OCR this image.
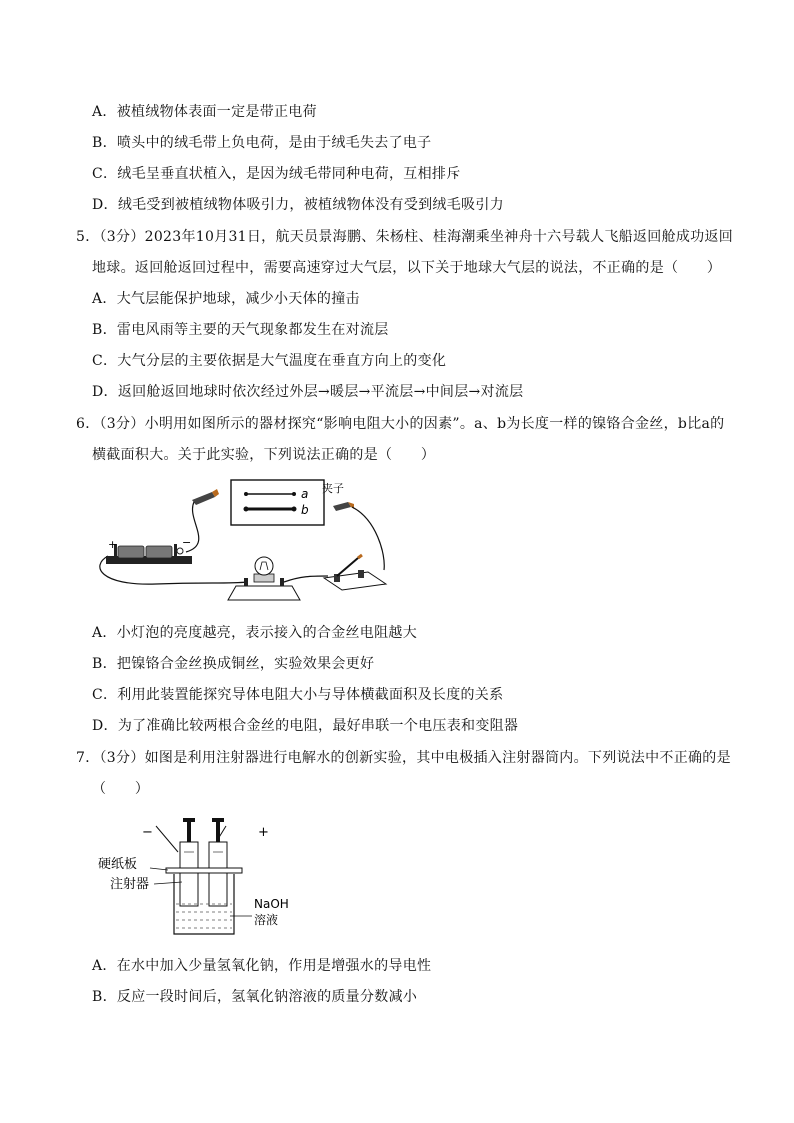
A．被植绒物体表面一定是带正电荷
B．喷头中的绒毛带上负电荷，是由于绒毛失去了电子
C．绒毛呈垂直状植入，是因为绒毛带同种电荷，互相排斥
D．绒毛受到被植绒物体吸引力，被植绒物体没有受到绒毛吸引力
5．（3分）2023年10月31日，航天员景海鹏、朱杨柱、桂海潮乘坐神舟十六号载人飞船返回舱成功返回
地球。返回舱返回过程中，需要高速穿过大气层，以下关于地球大气层的说法，不正确的是（　　）
A．大气层能保护地球，减少小天体的撞击
B．雷电风雨等主要的天气现象都发生在对流层
C．大气分层的主要依据是大气温度在垂直方向上的变化
D．返回舱返回地球时依次经过外层→暖层→平流层→中间层→对流层
6．（3分）小明用如图所示的器材探究“影响电阻大小的因素”。a、b为长度一样的镍铬合金丝，b比a的
横截面积大。关于此实验，下列说法正确的是（　　）
a
b
夹子
+	−
A．小灯泡的亮度越亮，表示接入的合金丝电阻越大
B．把镍铬合金丝换成铜丝，实验效果会更好
C．利用此装置能探究导体电阻大小与导体横截面积及长度的关系
D．为了准确比较两根合金丝的电阻，最好串联一个电压表和变阻器
7．（3分）如图是利用注射器进行电解水的创新实验，其中电极插入注射器筒内。下列说法中不正确的是
（　　）
−	+
硬纸板
注射器
NaOH
溶液
A．在水中加入少量氢氧化钠，作用是增强水的导电性
B．反应一段时间后，氢氧化钠溶液的质量分数减小
